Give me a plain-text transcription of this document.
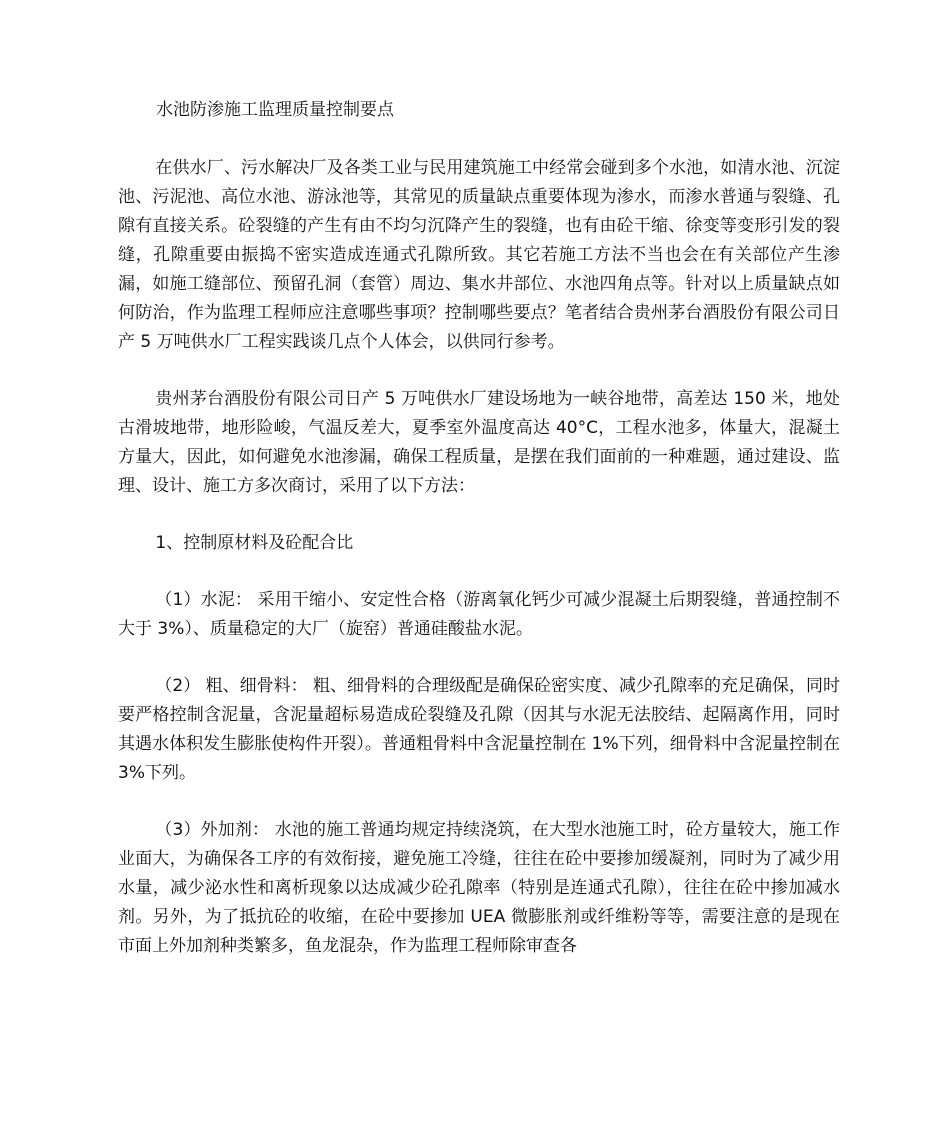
水池防渗施工监理质量控制要点

在供水厂、污水解决厂及各类工业与民用建筑施工中经常会碰到多个水池，如清水池、沉淀池、污泥池、高位水池、游泳池等，其常见的质量缺点重要体现为渗水，而渗水普通与裂缝、孔隙有直接关系。砼裂缝的产生有由不均匀沉降产生的裂缝，也有由砼干缩、徐变等变形引发的裂缝，孔隙重要由振捣不密实造成连通式孔隙所致。其它若施工方法不当也会在有关部位产生渗漏，如施工缝部位、预留孔洞（套管）周边、集水井部位、水池四角点等。针对以上质量缺点如何防治，作为监理工程师应注意哪些事项？控制哪些要点？笔者结合贵州茅台酒股份有限公司日产 5 万吨供水厂工程实践谈几点个人体会，以供同行参考。

贵州茅台酒股份有限公司日产 5 万吨供水厂建设场地为一峡谷地带，高差达 150 米，地处古滑坡地带，地形险峻，气温反差大，夏季室外温度高达 40°C，工程水池多，体量大，混凝土方量大，因此，如何避免水池渗漏，确保工程质量，是摆在我们面前的一种难题，通过建设、监理、设计、施工方多次商讨，采用了以下方法：

1、控制原材料及砼配合比

（1）水泥： 采用干缩小、安定性合格（游离氧化钙少可减少混凝土后期裂缝，普通控制不大于 3%）、质量稳定的大厂（旋窑）普通硅酸盐水泥。

（2） 粗、细骨料： 粗、细骨料的合理级配是确保砼密实度、减少孔隙率的充足确保，同时要严格控制含泥量，含泥量超标易造成砼裂缝及孔隙（因其与水泥无法胶结、起隔离作用，同时其遇水体积发生膨胀使构件开裂）。普通粗骨料中含泥量控制在 1%下列，细骨料中含泥量控制在 3%下列。

（3）外加剂： 水池的施工普通均规定持续浇筑，在大型水池施工时，砼方量较大，施工作业面大，为确保各工序的有效衔接，避免施工冷缝，往往在砼中要掺加缓凝剂，同时为了减少用水量，减少泌水性和离析现象以达成减少砼孔隙率（特别是连通式孔隙），往往在砼中掺加减水剂。另外，为了抵抗砼的收缩，在砼中要掺加 UEA 微膨胀剂或纤维粉等等，需要注意的是现在市面上外加剂种类繁多，鱼龙混杂，作为监理工程师除审查各
